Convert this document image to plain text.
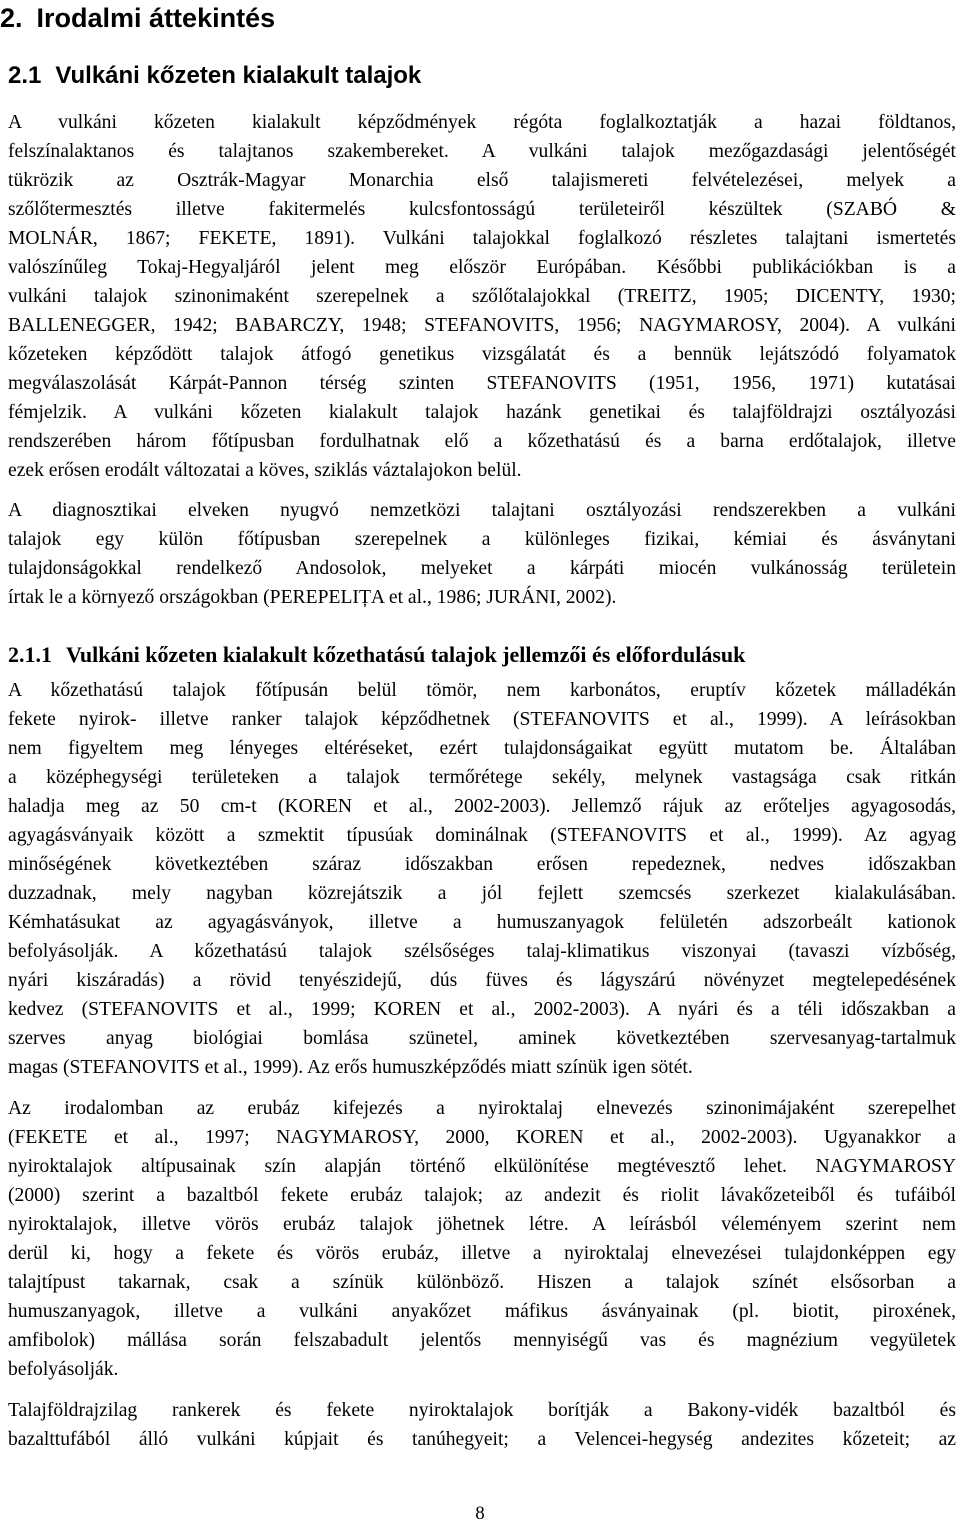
2. Irodalmi áttekintés
2.1 Vulkáni kőzeten kialakult talajok
A vulkáni kőzeten kialakult képződmények régóta foglalkoztatják a hazai földtanos,
felszínalaktanos és talajtanos szakembereket. A vulkáni talajok mezőgazdasági jelentőségét
tükrözik az Osztrák-Magyar Monarchia első talajismereti felvételezései, melyek a
szőlőtermesztés illetve fakitermelés kulcsfontosságú területeiről készültek (SZABÓ &
MOLNÁR, 1867; FEKETE, 1891). Vulkáni talajokkal foglalkozó részletes talajtani ismertetés
valószínűleg Tokaj-Hegyaljáról jelent meg először Európában. Későbbi publikációkban is a
vulkáni talajok szinonimaként szerepelnek a szőlőtalajokkal (TREITZ, 1905; DICENTY, 1930;
BALLENEGGER, 1942; BABARCZY, 1948; STEFANOVITS, 1956; NAGYMAROSY, 2004). A vulkáni
kőzeteken képződött talajok átfogó genetikus vizsgálatát és a bennük lejátszódó folyamatok
megválaszolását Kárpát-Pannon térség szinten STEFANOVITS (1951, 1956, 1971) kutatásai
fémjelzik. A vulkáni kőzeten kialakult talajok hazánk genetikai és talajföldrajzi osztályozási
rendszerében három főtípusban fordulhatnak elő a kőzethatású és a barna erdőtalajok, illetve
ezek erősen erodált változatai a köves, sziklás váztalajokon belül.
A diagnosztikai elveken nyugvó nemzetközi talajtani osztályozási rendszerekben a vulkáni
talajok egy külön főtípusban szerepelnek a különleges fizikai, kémiai és ásványtani
tulajdonságokkal rendelkező Andosolok, melyeket a kárpáti miocén vulkánosság területein
írtak le a környező országokban (PEREPELIȚA et al., 1986; JURÁNI, 2002).
2.1.1 Vulkáni kőzeten kialakult kőzethatású talajok jellemzői és előfordulásuk
A kőzethatású talajok főtípusán belül tömör, nem karbonátos, eruptív kőzetek málladékán
fekete nyirok- illetve ranker talajok képződhetnek (STEFANOVITS et al., 1999). A leírásokban
nem figyeltem meg lényeges eltéréseket, ezért tulajdonságaikat együtt mutatom be. Általában
a középhegységi területeken a talajok termőrétege sekély, melynek vastagsága csak ritkán
haladja meg az 50 cm-t (KOREN et al., 2002-2003). Jellemző rájuk az erőteljes agyagosodás,
agyagásványaik között a szmektit típusúak dominálnak (STEFANOVITS et al., 1999). Az agyag
minőségének következtében száraz időszakban erősen repedeznek, nedves időszakban
duzzadnak, mely nagyban közrejátszik a jól fejlett szemcsés szerkezet kialakulásában.
Kémhatásukat az agyagásványok, illetve a humuszanyagok felületén adszorbeált kationok
befolyásolják. A kőzethatású talajok szélsőséges talaj-klimatikus viszonyai (tavaszi vízbőség,
nyári kiszáradás) a rövid tenyészidejű, dús füves és lágyszárú növényzet megtelepedésének
kedvez (STEFANOVITS et al., 1999; KOREN et al., 2002-2003). A nyári és a téli időszakban a
szerves anyag biológiai bomlása szünetel, aminek következtében szervesanyag-tartalmuk
magas (STEFANOVITS et al., 1999). Az erős humuszképződés miatt színük igen sötét.
Az irodalomban az erubáz kifejezés a nyiroktalaj elnevezés szinonimájaként szerepelhet
(FEKETE et al., 1997; NAGYMAROSY, 2000, KOREN et al., 2002-2003). Ugyanakkor a
nyiroktalajok altípusainak szín alapján történő elkülönítése megtévesztő lehet. NAGYMAROSY
(2000) szerint a bazaltból fekete erubáz talajok; az andezit és riolit lávakőzeteiből és tufáiból
nyiroktalajok, illetve vörös erubáz talajok jöhetnek létre. A leírásból véleményem szerint nem
derül ki, hogy a fekete és vörös erubáz, illetve a nyiroktalaj elnevezései tulajdonképpen egy
talajtípust takarnak, csak a színük különböző. Hiszen a talajok színét elsősorban a
humuszanyagok, illetve a vulkáni anyakőzet máfikus ásványainak (pl. biotit, piroxének,
amfibolok) mállása során felszabadult jelentős mennyiségű vas és magnézium vegyületek
befolyásolják.
Talajföldrajzilag rankerek és fekete nyiroktalajok borítják a Bakony-vidék bazaltból és
bazalttufából álló vulkáni kúpjait és tanúhegyeit; a Velencei-hegység andezites kőzeteit; az
8
